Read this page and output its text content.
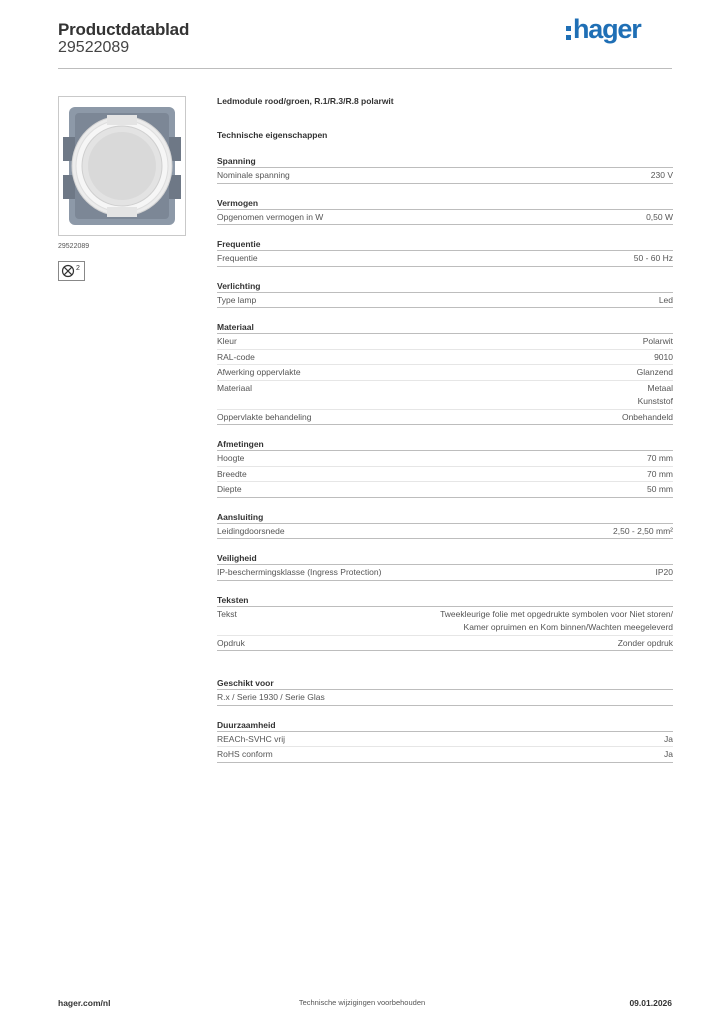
Productdatablad
29522089
hager
29522089
2
Ledmodule rood/groen, R.1/R.3/R.8 polarwit
Technische eigenschappen
Spanning
Nominale spanning	230 V
Vermogen
Opgenomen vermogen in W	0,50 W
Frequentie
Frequentie	50 - 60 Hz
Verlichting
Type lamp	Led
Materiaal
Kleur	Polarwit
RAL-code	9010
Afwerking oppervlakte	Glanzend
Materiaal	Metaal
Kunststof
Oppervlakte behandeling	Onbehandeld
Afmetingen
Hoogte	70 mm
Breedte	70 mm
Diepte	50 mm
Aansluiting
Leidingdoorsnede	2,50 - 2,50 mm²
Veiligheid
IP-beschermingsklasse (Ingress Protection)	IP20
Teksten
Tekst	Tweekleurige folie met opgedrukte symbolen voor Niet storen/
Kamer opruimen en Kom binnen/Wachten meegeleverd
Opdruk	Zonder opdruk
Geschikt voor
R.x / Serie 1930 / Serie Glas
Duurzaamheid
REACh-SVHC vrij	Ja
RoHS conform	Ja
hager.com/nl	Technische wijzigingen voorbehouden	09.01.2026
